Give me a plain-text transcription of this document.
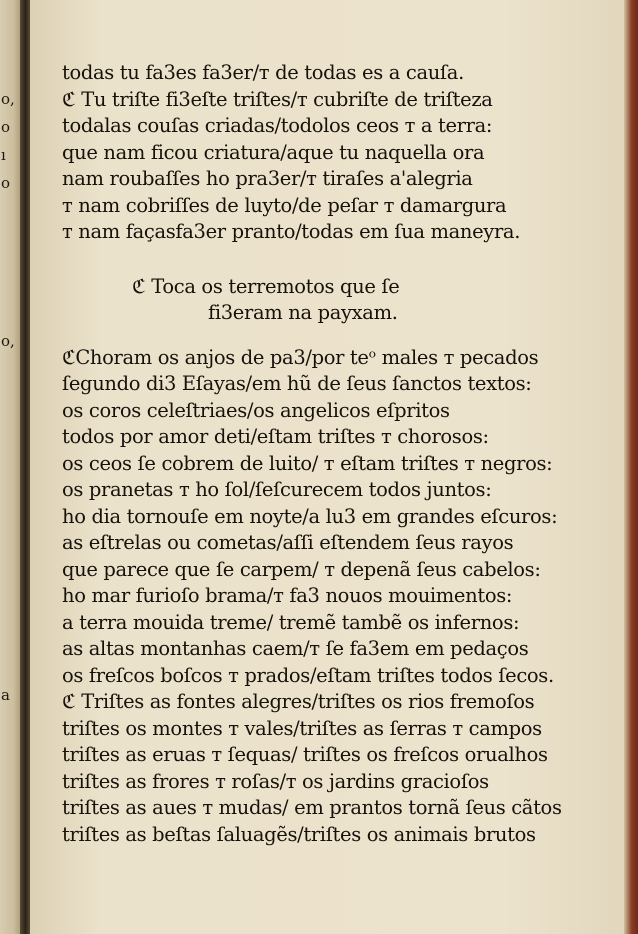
o,
o
ı
o
o,
a
todas tu fa3es fa3er/ᴛ de todas es a cauſa.
ℭ Tu triſte fi3eſte triſtes/ᴛ cubriſte de triſteza
todalas couſas criadas/todolos ceos ᴛ a terra:
que nam ficou criatura/aque tu naquella ora
nam roubaſſes ho pra3er/ᴛ tiraſes a'alegria
ᴛ nam cobriſſes de luyto/de peſar ᴛ damargura
ᴛ nam façasfa3er pranto/todas em ſua maneyra.
ℭ Toca os terremotos que ſe
fi3eram na payxam.
ℭChoram os anjos de pa3/por teᵒ males ᴛ pecados
ſegundo di3 Eſayas/em hũ de ſeus ſanctos textos:
os coros celeſtriaes/os angelicos eſpritos
todos por amor deti/eſtam triſtes ᴛ chorosos:
os ceos ſe cobrem de luito/ ᴛ eſtam triſtes ᴛ negros:
os pranetas ᴛ ho ſol/ſeſcurecem todos juntos:
ho dia tornouſe em noyte/a lu3 em grandes eſcuros:
as eſtrelas ou cometas/aſſi eſtendem ſeus rayos
que parece que ſe carpem/ ᴛ depenã ſeus cabelos:
ho mar furioſo brama/ᴛ fa3 nouos mouimentos:
a terra mouida treme/ tremẽ tambẽ os infernos:
as altas montanhas caem/ᴛ ſe fa3em em pedaços
os freſcos boſcos ᴛ prados/eſtam triſtes todos ſecos.
ℭ Triſtes as fontes alegres/triſtes os rios fremoſos
triſtes os montes ᴛ vales/triſtes as ſerras ᴛ campos
triſtes as eruas ᴛ ſequas/ triſtes os freſcos orualhos
triſtes as frores ᴛ roſas/ᴛ os jardins gracioſos
triſtes as aues ᴛ mudas/ em prantos tornã ſeus cãtos
triſtes as beſtas ſaluagẽs/triſtes os animais brutos
